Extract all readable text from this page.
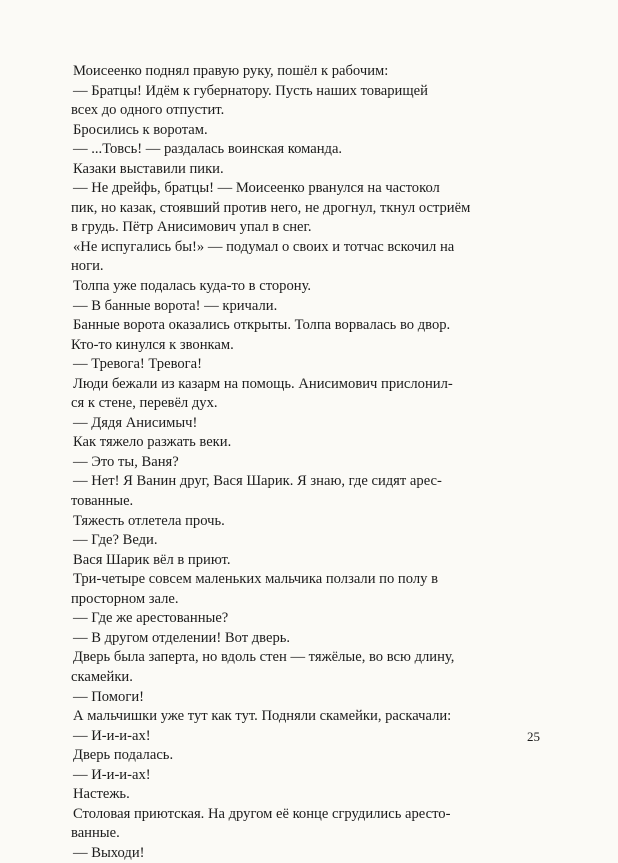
Моисеенко поднял правую руку, пошёл к рабочим:

— Братцы! Идём к губернатору. Пусть наших товарищей

всех до одного отпустит.

Бросились к воротам.

— ...Товсь! — раздалась воинская команда.

Казаки выставили пики.

— Не дрейфь, братцы! — Моисеенко рванулся на частокол

пик, но казак, стоявший против него, не дрогнул, ткнул остриём

в грудь. Пётр Анисимович упал в снег.

«Не испугались бы!» — подумал о своих и тотчас вскочил на

ноги.

Толпа уже подалась куда-то в сторону.

— В банные ворота! — кричали.

Банные ворота оказались открыты. Толпа ворвалась во двор.

Кто-то кинулся к звонкам.

— Тревога! Тревога!

Люди бежали из казарм на помощь. Анисимович прислонил-

ся к стене, перевёл дух.

— Дядя Анисимыч!

Как тяжело разжать веки.

— Это ты, Ваня?

— Нет! Я Ванин друг, Вася Шарик. Я знаю, где сидят арес-

тованные.

Тяжесть отлетела прочь.

— Где? Веди.

Вася Шарик вёл в приют.

Три-четыре совсем маленьких мальчика ползали по полу в

просторном зале.

— Где же арестованные?

— В другом отделении! Вот дверь.

Дверь была заперта, но вдоль стен — тяжёлые, во всю длину,

скамейки.

— Помоги!

А мальчишки уже тут как тут. Подняли скамейки, раскачали:

— И-и-и-ах!

Дверь подалась.

— И-и-и-ах!

Настежь.

Столовая приютская. На другом её конце сгрудились аресто-

ванные.

— Выходи!

25
